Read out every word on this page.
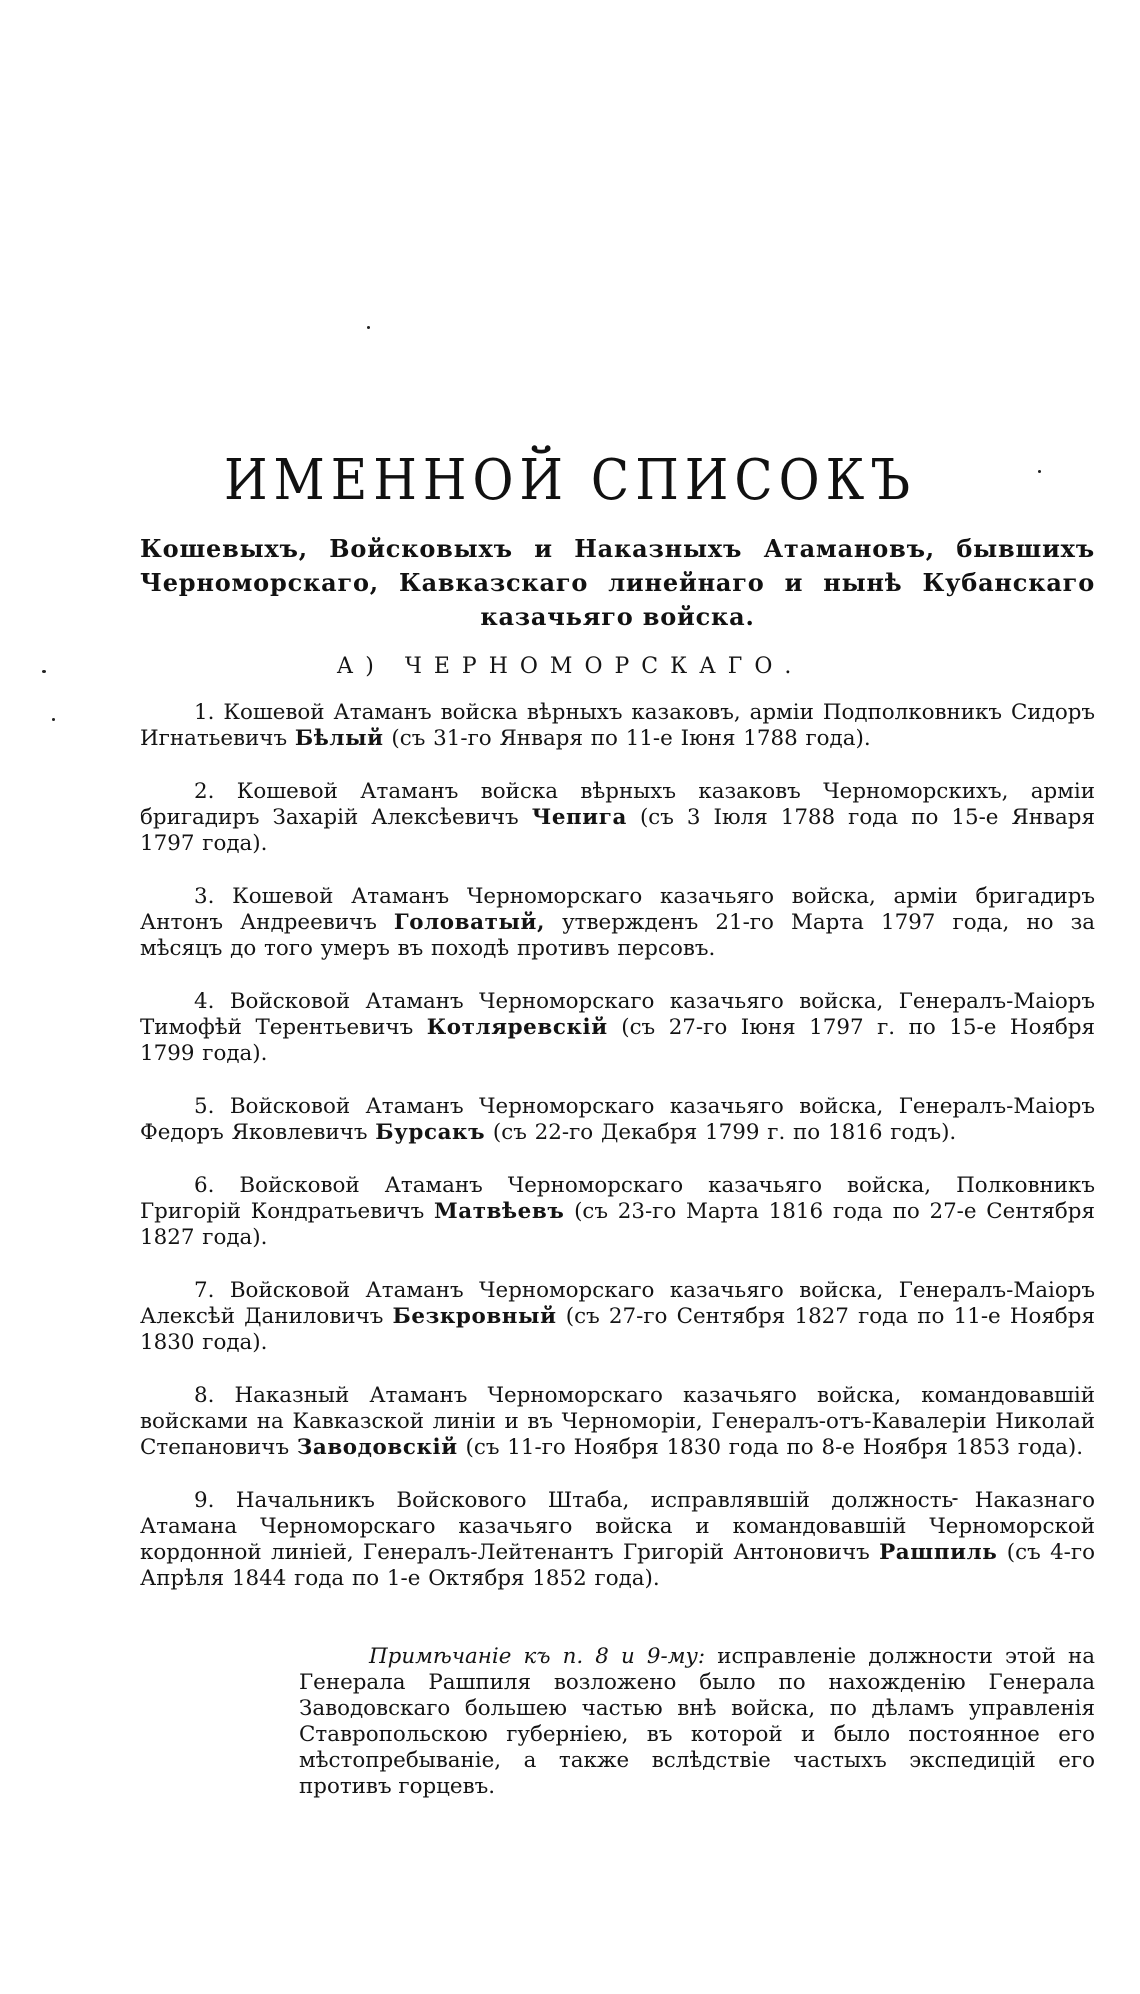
ИМЕННОЙ СПИСОКЪ
Кошевыхъ, Войсковыхъ и Наказныхъ Атамановъ, бывшихъ Черноморскаго, Кавказскаго линейнаго и нынѣ Кубанскаго казачьяго войска.
А) ЧЕРНОМОРСКАГО.

1. Кошевой Атаманъ войска вѣрныхъ казаковъ, арміи Подполковникъ Сидоръ Игнатьевичъ Бѣлый (съ 31-го Января по 11-е Іюня 1788 года).

2. Кошевой Атаманъ войска вѣрныхъ казаковъ Черноморскихъ, арміи бригадиръ Захарій Алексѣевичъ Чепига (съ 3 Іюля 1788 года по 15-е Января 1797 года).

3. Кошевой Атаманъ Черноморскаго казачьяго войска, арміи бригадиръ Антонъ Андреевичъ Головатый, утвержденъ 21-го Марта 1797 года, но за мѣсяцъ до того умеръ въ походѣ противъ персовъ.

4. Войсковой Атаманъ Черноморскаго казачьяго войска, Генералъ-Маіоръ Тимофѣй Терентьевичъ Котляревскій (съ 27-го Іюня 1797 г. по 15-е Ноября 1799 года).

5. Войсковой Атаманъ Черноморскаго казачьяго войска, Генералъ-Маіоръ Федоръ Яковлевичъ Бурсакъ (съ 22-го Декабря 1799 г. по 1816 годъ).

6. Войсковой Атаманъ Черноморскаго казачьяго войска, Полковникъ Григорій Кондратьевичъ Матвѣевъ (съ 23-го Марта 1816 года по 27-е Сентября 1827 года).

7. Войсковой Атаманъ Черноморскаго казачьяго войска, Генералъ-Маіоръ Алексѣй Даниловичъ Безкровный (съ 27-го Сентября 1827 года по 11-е Ноября 1830 года).

8. Наказный Атаманъ Черноморскаго казачьяго войска, командовавшій войсками на Кавказской линіи и въ Черноморіи, Генералъ-отъ-Кавалеріи Николай Степановичъ Заводовскій (съ 11-го Ноября 1830 года по 8-е Ноября 1853 года).

9. Начальникъ Войскового Штаба, исправлявшій должность Наказнаго Атамана Черноморскаго казачьяго войска и командовавшій Черноморской кордонной линіей, Генералъ-Лейтенантъ Григорій Антоновичъ Рашпиль (съ 4-го Апрѣля 1844 года по 1-е Октября 1852 года).

Примѣчаніе къ п. 8 и 9-му: исправленіе должности этой на Генерала Рашпиля возложено было по нахожденію Генерала Заводовскаго большею частью внѣ войска, по дѣламъ управленія Ставропольскою губерніею, въ которой и было постоянное его мѣстопребываніе, а также вслѣдствіе частыхъ экспедицій его противъ горцевъ.
